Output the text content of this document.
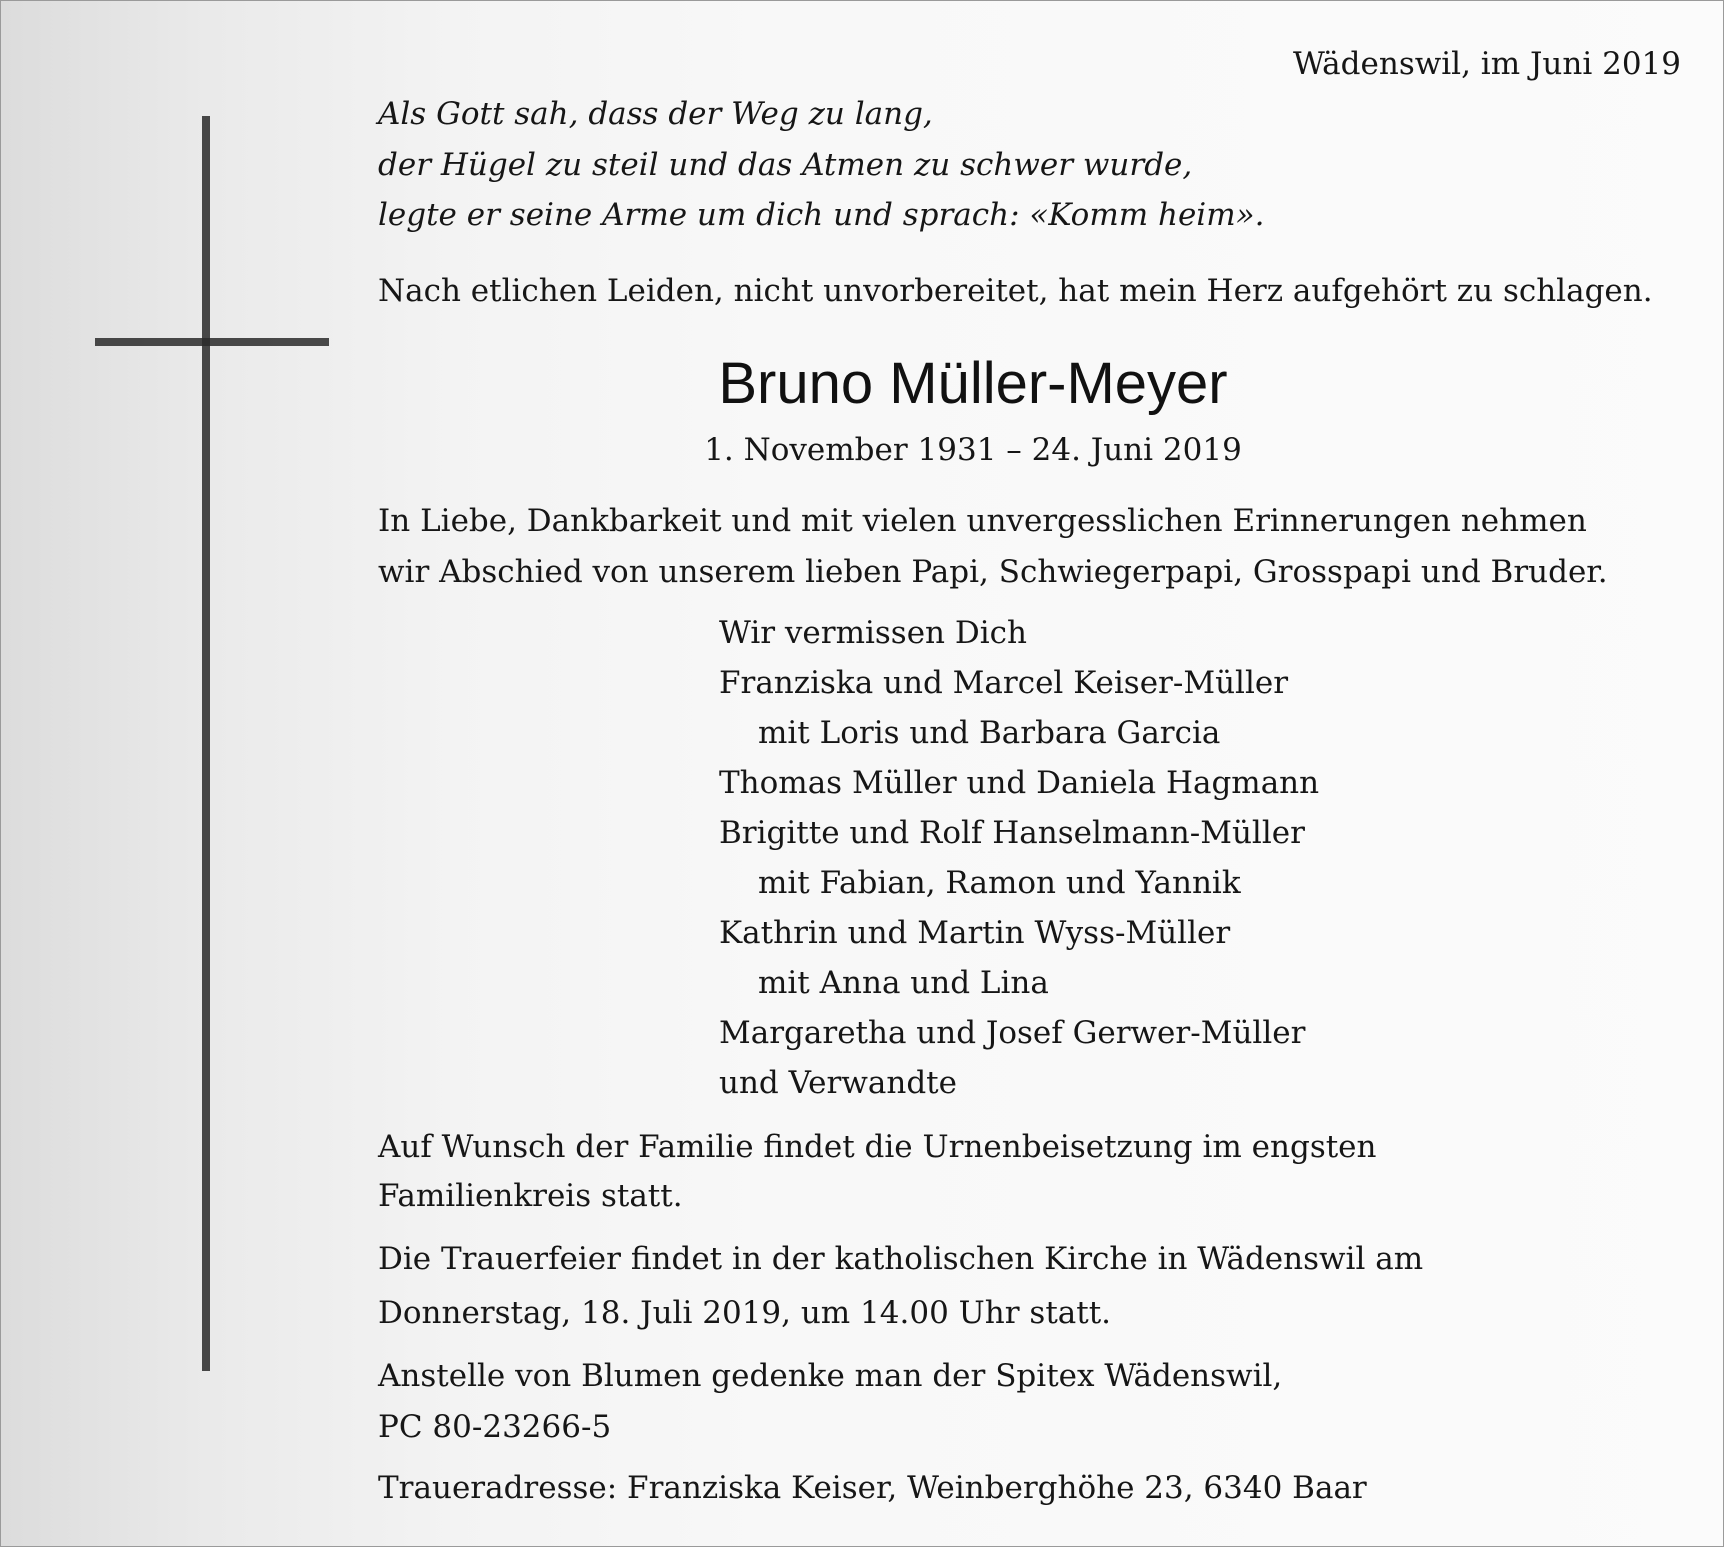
Wädenswil, im Juni 2019
Als Gott sah, dass der Weg zu lang,
der Hügel zu steil und das Atmen zu schwer wurde,
legte er seine Arme um dich und sprach: «Komm heim».
Nach etlichen Leiden, nicht unvorbereitet, hat mein Herz aufgehört zu schlagen.
Bruno Müller-Meyer
1. November 1931 – 24. Juni 2019
In Liebe, Dankbarkeit und mit vielen unvergesslichen Erinnerungen nehmen
wir Abschied von unserem lieben Papi, Schwiegerpapi, Grosspapi und Bruder.
Wir vermissen Dich
Franziska und Marcel Keiser-Müller
mit Loris und Barbara Garcia
Thomas Müller und Daniela Hagmann
Brigitte und Rolf Hanselmann-Müller
mit Fabian, Ramon und Yannik
Kathrin und Martin Wyss-Müller
mit Anna und Lina
Margaretha und Josef Gerwer-Müller
und Verwandte
Auf Wunsch der Familie findet die Urnenbeisetzung im engsten
Familienkreis statt.
Die Trauerfeier findet in der katholischen Kirche in Wädenswil am
Donnerstag, 18. Juli 2019, um 14.00 Uhr statt.
Anstelle von Blumen gedenke man der Spitex Wädenswil,
PC 80-23266-5
Traueradresse: Franziska Keiser, Weinberghöhe 23, 6340 Baar
